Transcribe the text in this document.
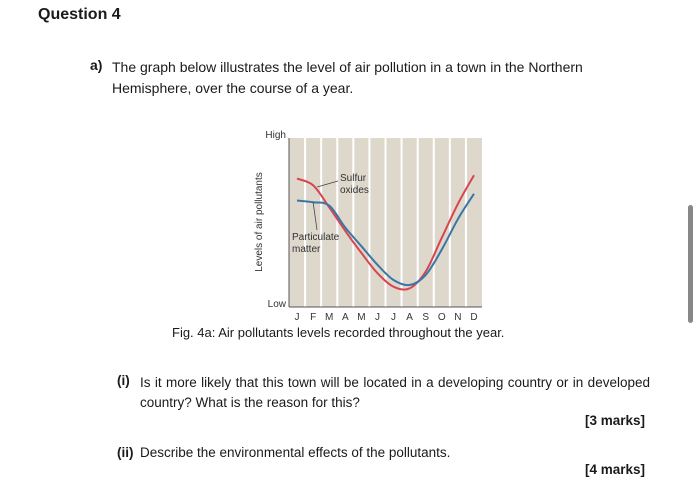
Question 4
a) The graph below illustrates the level of air pollution in a town in the Northern Hemisphere, over the course of a year.
Sulfur
oxides
Particulate
matter
J F M A M J J A S O N D
High
Low
Levels of air pollutants
Fig. 4a: Air pollutants levels recorded throughout the year.
(i) Is it more likely that this town will be located in a developing country or in developed country? What is the reason for this?
[3 marks]
(ii) Describe the environmental effects of the pollutants.
[4 marks]
